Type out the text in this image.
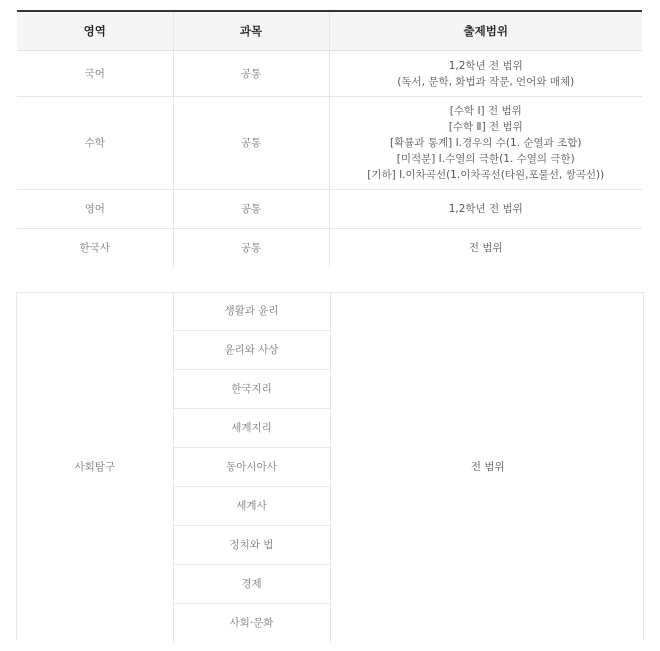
영역	과목	출제범위
국어	공통	1,2학년 전 범위
(독서, 문학, 화법과 작문, 언어와 매체)

수학	공통	[수학 Ⅰ] 전 범위
[수학 Ⅱ] 전 범위
[확률과 통계] Ⅰ.경우의 수(1. 순열과 조합)
[미적분] Ⅰ.수열의 극한(1. 수열의 극한)
[기하] Ⅰ.이차곡선(1.이차곡선(타원,포물선, 쌍곡선))

영어	공통	1,2학년 전 범위

한국사	공통	전 범위
사회탐구	생활과 윤리	전 범위
윤리와 사상
한국지리
세계지리
동아시아사
세계사
정치와 법
경제
사회·문화
